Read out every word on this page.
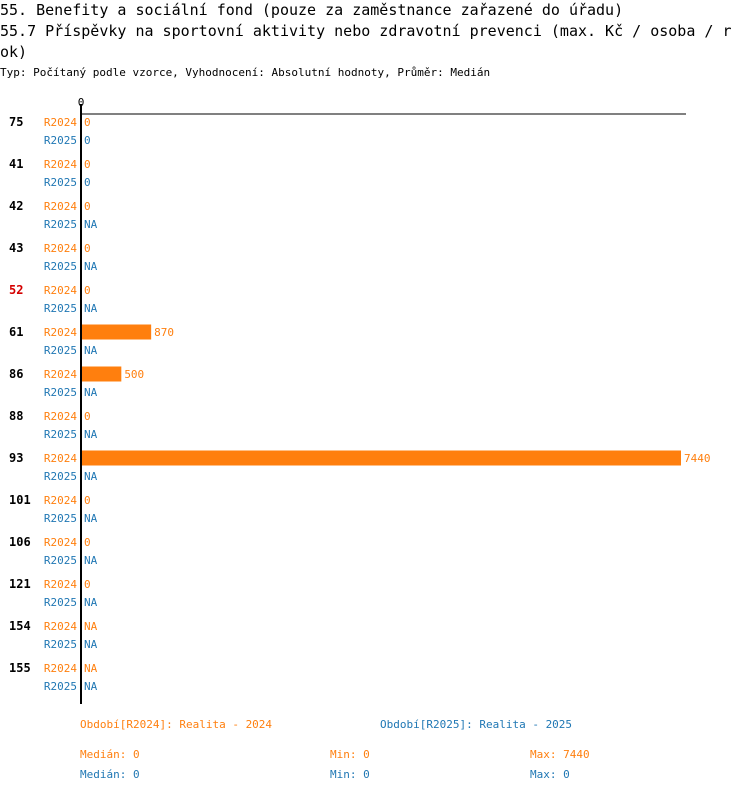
55. Benefity a sociální fond (pouze za zaměstnance zařazené do úřadu)
55.7 Příspěvky na sportovní aktivity nebo zdravotní prevenci (max. Kč / osoba / rok)
Typ: Počítaný podle vzorce, Vyhodnocení: Absolutní hodnoty, Průměr: Medián
0
75 R2024 0
R2025 0
41 R2024 0
R2025 0
42 R2024 0
R2025 NA
43 R2024 0
R2025 NA
52 R2024 0
R2025 NA
61 R2024	870
R2025 NA
86 R2024	500
R2025 NA
88 R2024 0
R2025 NA
93 R2024	7440
R2025 NA
101 R2024 0
R2025 NA
106 R2024 0
R2025 NA
121 R2024 0
R2025 NA
154 R2024 NA
R2025 NA
155 R2024 NA
R2025 NA
Období[R2024]: Realita - 2024	Období[R2025]: Realita - 2025
Medián: 0	Min: 0	Max: 7440
Medián: 0	Min: 0	Max: 0
